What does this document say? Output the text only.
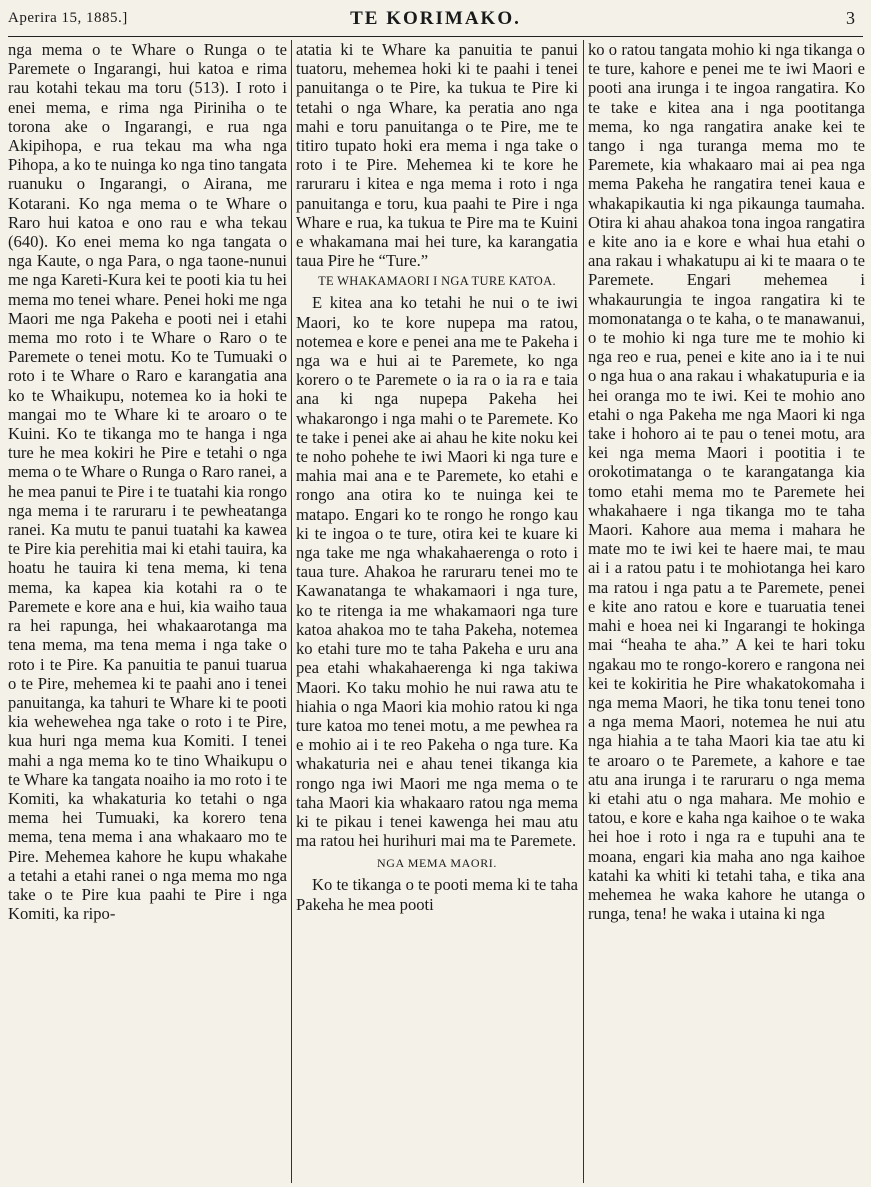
Aperira 15, 1885.]	TE KORIMAKO.	3

nga mema o te Whare o Runga o te Paremete o Ingarangi, hui katoa e rima rau kotahi tekau ma toru (513). I roto i enei mema, e rima nga Piriniha o te torona ake o Ingarangi, e rua nga Akipihopa, e rua tekau ma wha nga Pihopa, a ko te nuinga ko nga tino tangata ruanuku o Ingarangi, o Airana, me Kotarani. Ko nga mema o te Whare o Raro hui katoa e ono rau e wha tekau (640). Ko enei mema ko nga tangata o nga Kaute, o nga Para, o nga taone-nunui me nga Kareti-Kura kei te pooti kia tu hei mema mo tenei whare. Penei hoki me nga Maori me nga Pakeha e pooti nei i etahi mema mo roto i te Whare o Raro o te Paremete o tenei motu. Ko te Tumuaki o roto i te Whare o Raro e karangatia ana ko te Whaikupu, notemea ko ia hoki te mangai mo te Whare ki te aroaro o te Kuini. Ko te tikanga mo te hanga i nga ture he mea kokiri he Pire e tetahi o nga mema o te Whare o Runga o Raro ranei, a he mea panui te Pire i te tuatahi kia rongo nga mema i te raruraru i te pewheatanga ranei. Ka mutu te panui tuatahi ka kawea te Pire kia perehitia mai ki etahi tauira, ka hoatu he tauira ki tena mema, ki tena mema, ka kapea kia kotahi ra o te Paremete e kore ana e hui, kia waiho taua ra hei rapunga, hei whakaarotanga ma tena mema, ma tena mema i nga take o roto i te Pire. Ka panuitia te panui tuarua o te Pire, mehemea ki te paahi ano i tenei panuitanga, ka tahuri te Whare ki te pooti kia wehewehea nga take o roto i te Pire, kua huri nga mema kua Komiti. I tenei mahi a nga mema ko te tino Whaikupu o te Whare ka tangata noaiho ia mo roto i te Komiti, ka whakaturia ko tetahi o nga mema hei Tumuaki, ka korero tena mema, tena mema i ana whakaaro mo te Pire. Mehemea kahore he kupu whakahe a tetahi a etahi ranei o nga mema mo nga take o te Pire kua paahi te Pire i nga Komiti, ka ripo-

atatia ki te Whare ka panuitia te panui tuatoru, mehemea hoki ki te paahi i tenei panuitanga o te Pire, ka tukua te Pire ki tetahi o nga Whare, ka peratia ano nga mahi e toru panuitanga o te Pire, me te titiro tupato hoki era mema i nga take o roto i te Pire. Mehemea ki te kore he raruraru i kitea e nga mema i roto i nga panuitanga e toru, kua paahi te Pire i nga Whare e rua, ka tukua te Pire ma te Kuini e whakamana mai hei ture, ka karangatia taua Pire he “Ture.”

TE WHAKAMAORI I NGA TURE KATOA.

E kitea ana ko tetahi he nui o te iwi Maori, ko te kore nupepa ma ratou, notemea e kore e penei ana me te Pakeha i nga wa e hui ai te Paremete, ko nga korero o te Paremete o ia ra o ia ra e taia ana ki nga nupepa Pakeha hei whakarongo i nga mahi o te Paremete. Ko te take i penei ake ai ahau he kite noku kei te noho pohehe te iwi Maori ki nga ture e mahia mai ana e te Paremete, ko etahi e rongo ana otira ko te nuinga kei te matapo. Engari ko te rongo he rongo kau ki te ingoa o te ture, otira kei te kuare ki nga take me nga whakahaerenga o roto i taua ture. Ahakoa he raruraru tenei mo te Kawanatanga te whakamaori i nga ture, ko te ritenga ia me whakamaori nga ture katoa ahakoa mo te taha Pakeha, notemea ko etahi ture mo te taha Pakeha e uru ana pea etahi whakahaerenga ki nga takiwa Maori. Ko taku mohio he nui rawa atu te hiahia o nga Maori kia mohio ratou ki nga ture katoa mo tenei motu, a me pewhea ra e mohio ai i te reo Pakeha o nga ture. Ka whakaturia nei e ahau tenei tikanga kia rongo nga iwi Maori me nga mema o te taha Maori kia whakaaro ratou nga mema ki te pikau i tenei kawenga hei mau atu ma ratou hei hurihuri mai ma te Paremete.

NGA MEMA MAORI.

Ko te tikanga o te pooti mema ki te taha Pakeha he mea pooti

ko o ratou tangata mohio ki nga tikanga o te ture, kahore e penei me te iwi Maori e pooti ana irunga i te ingoa rangatira. Ko te take e kitea ana i nga pootitanga mema, ko nga rangatira anake kei te tango i nga turanga mema mo te Paremete, kia whakaaro mai ai pea nga mema Pakeha he rangatira tenei kaua e whakapikautia ki nga pikaunga taumaha. Otira ki ahau ahakoa tona ingoa rangatira e kite ano ia e kore e whai hua etahi o ana rakau i whakatupu ai ki te maara o te Paremete. Engari mehemea i whakaurungia te ingoa rangatira ki te momonatanga o te kaha, o te manawanui, o te mohio ki nga ture me te mohio ki nga reo e rua, penei e kite ano ia i te nui o nga hua o ana rakau i whakatupuria e ia hei oranga mo te iwi. Kei te mohio ano etahi o nga Pakeha me nga Maori ki nga take i hohoro ai te pau o tenei motu, ara kei nga mema Maori i pootitia i te orokotimatanga o te karangatanga kia tomo etahi mema mo te Paremete hei whakahaere i nga tikanga mo te taha Maori. Kahore aua mema i mahara he mate mo te iwi kei te haere mai, te mau ai i a ratou patu i te mohiotanga hei karo ma ratou i nga patu a te Paremete, penei e kite ano ratou e kore e tuaruatia tenei mahi e hoea nei ki Ingarangi te hokinga mai “heaha te aha.” A kei te hari toku ngakau mo te rongo-korero e rangona nei kei te kokiritia he Pire whakatokomaha i nga mema Maori, he tika tonu tenei tono a nga mema Maori, notemea he nui atu nga hiahia a te taha Maori kia tae atu ki te aroaro o te Paremete, a kahore e tae atu ana irunga i te raruraru o nga mema ki etahi atu o nga mahara. Me mohio e tatou, e kore e kaha nga kaihoe o te waka hei hoe i roto i nga ra e tupuhi ana te moana, engari kia maha ano nga kaihoe katahi ka whiti ki tetahi taha, e tika ana mehemea he waka kahore he utanga o runga, tena! he waka i utaina ki nga
